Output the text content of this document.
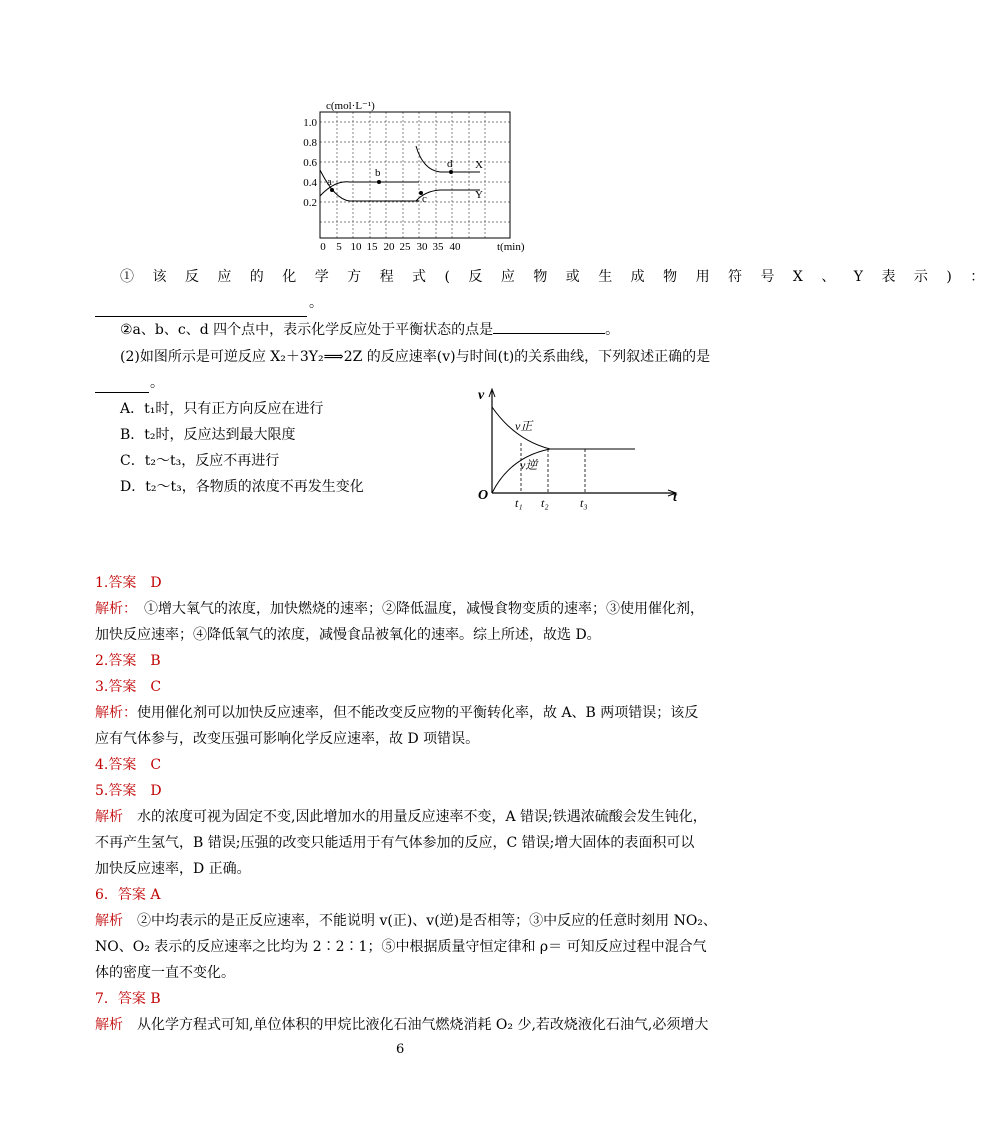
c(mol·L⁻¹)
1.0
0.8
0.6
0.4
0.2
0 5 10 15 20 25 30 35 40	t(min)
a
b
c
d X
Y
① 该 反 应 的 化 学 方 程 式 ( 反 应 物 或 生 成 物 用 符 号 X 、 Y 表 示 ) ：
。
②a、b、c、d 四个点中，表示化学反应处于平衡状态的点是	。
(2)如图所示是可逆反应 X₂＋3Y₂⟹2Z 的反应速率(v)与时间(t)的关系曲线，下列叙述正确的是
。
A．t₁时，只有正方向反应在进行
B．t₂时，反应达到最大限度
C．t₂～t₃，反应不再进行
D．t₂～t₃，各物质的浓度不再发生变化
v
O	t
v正
v逆
t₁ t₂	t₃
1.答案　D
解析：　①增大氧气的浓度，加快燃烧的速率；②降低温度，减慢食物变质的速率；③使用催化剂，
加快反应速率；④降低氧气的浓度，减慢食品被氧化的速率。综上所述，故选 D。
2.答案　B
3.答案　C
解析：使用催化剂可以加快反应速率，但不能改变反应物的平衡转化率，故 A、B 两项错误；该反
应有气体参与，改变压强可影响化学反应速率，故 D 项错误。
4.答案　C
5.答案　D
解析　水的浓度可视为固定不变,因此增加水的用量反应速率不变，A 错误;铁遇浓硫酸会发生钝化，
不再产生氢气，B 错误;压强的改变只能适用于有气体参加的反应，C 错误;增大固体的表面积可以
加快反应速率，D 正确。
6．答案 A
解析　②中均表示的是正反应速率，不能说明 v(正)、v(逆)是否相等；③中反应的任意时刻用 NO₂、
NO、O₂ 表示的反应速率之比均为 2∶2∶1；⑤中根据质量守恒定律和 ρ＝ 可知反应过程中混合气
体的密度一直不变化。
7．答案 B
解析　从化学方程式可知,单位体积的甲烷比液化石油气燃烧消耗 O₂ 少,若改烧液化石油气,必须增大
6
